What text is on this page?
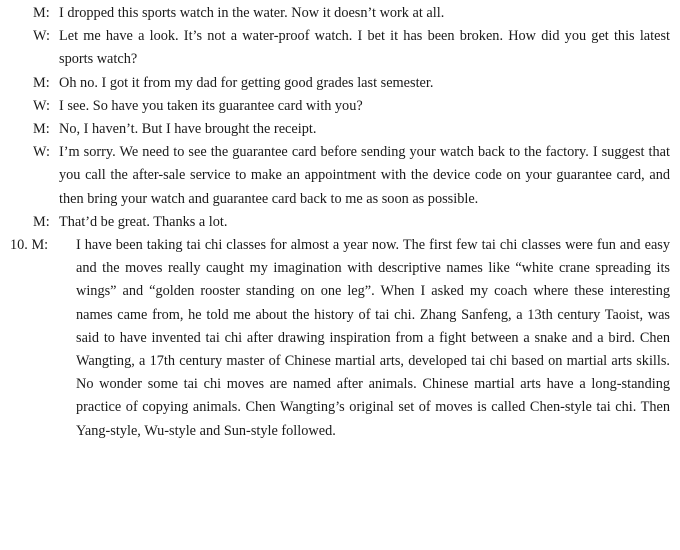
M: I dropped this sports watch in the water. Now it doesn’t work at all.
W: Let me have a look. It’s not a water-proof watch. I bet it has been broken. How did you get this latest sports watch?
M: Oh no. I got it from my dad for getting good grades last semester.
W: I see. So have you taken its guarantee card with you?
M: No, I haven’t. But I have brought the receipt.
W: I’m sorry. We need to see the guarantee card before sending your watch back to the factory. I suggest that you call the after-sale service to make an appointment with the device code on your guarantee card, and then bring your watch and guarantee card back to me as soon as possible.
M: That’d be great. Thanks a lot.
10. M:	I have been taking tai chi classes for almost a year now. The first few tai chi classes were fun and easy and the moves really caught my imagination with descriptive names like “white crane spreading its wings” and “golden rooster standing on one leg”. When I asked my coach where these interesting names came from, he told me about the history of tai chi. Zhang Sanfeng, a 13th century Taoist, was said to have invented tai chi after drawing inspiration from a fight between a snake and a bird. Chen Wangting, a 17th century master of Chinese martial arts, developed tai chi based on martial arts skills. No wonder some tai chi moves are named after animals. Chinese martial arts have a long-standing practice of copying animals. Chen Wangting’s original set of moves is called Chen-style tai chi. Then Yang-style, Wu-style and Sun-style followed.
